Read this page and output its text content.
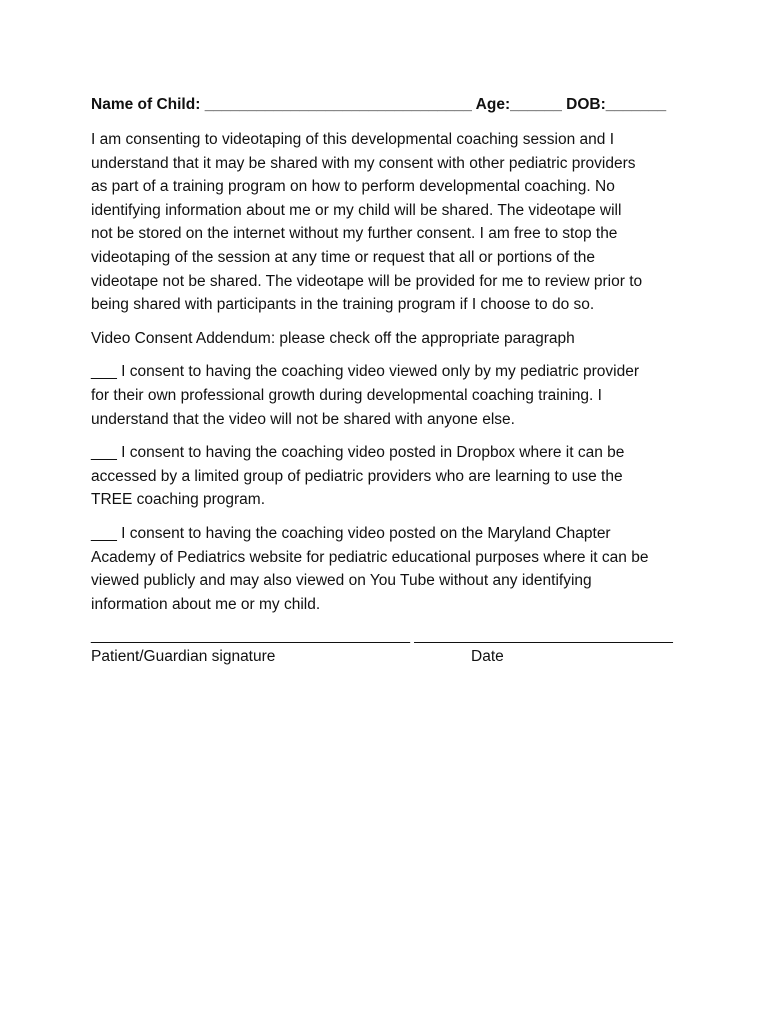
Name of Child: _______________________________ Age:______ DOB:_______
I am consenting to videotaping of this developmental coaching session and I
understand that it may be shared with my consent with other pediatric providers
as part of a training program on how to perform developmental coaching. No
identifying information about me or my child will be shared. The videotape will
not be stored on the internet without my further consent. I am free to stop the
videotaping of the session at any time or request that all or portions of the
videotape not be shared. The videotape will be provided for me to review prior to
being shared with participants in the training program if I choose to do so.
Video Consent Addendum: please check off the appropriate paragraph
___ I consent to having the coaching video viewed only by my pediatric provider
for their own professional growth during developmental coaching training. I
understand that the video will not be shared with anyone else.
___ I consent to having the coaching video posted in Dropbox where it can be
accessed by a limited group of pediatric providers who are learning to use the
TREE coaching program.
___ I consent to having the coaching video posted on the Maryland Chapter
Academy of Pediatrics website for pediatric educational purposes where it can be
viewed publicly and may also viewed on You Tube without any identifying
information about me or my child.
_____________________________________ ______________________________
Patient/Guardian signature	Date
